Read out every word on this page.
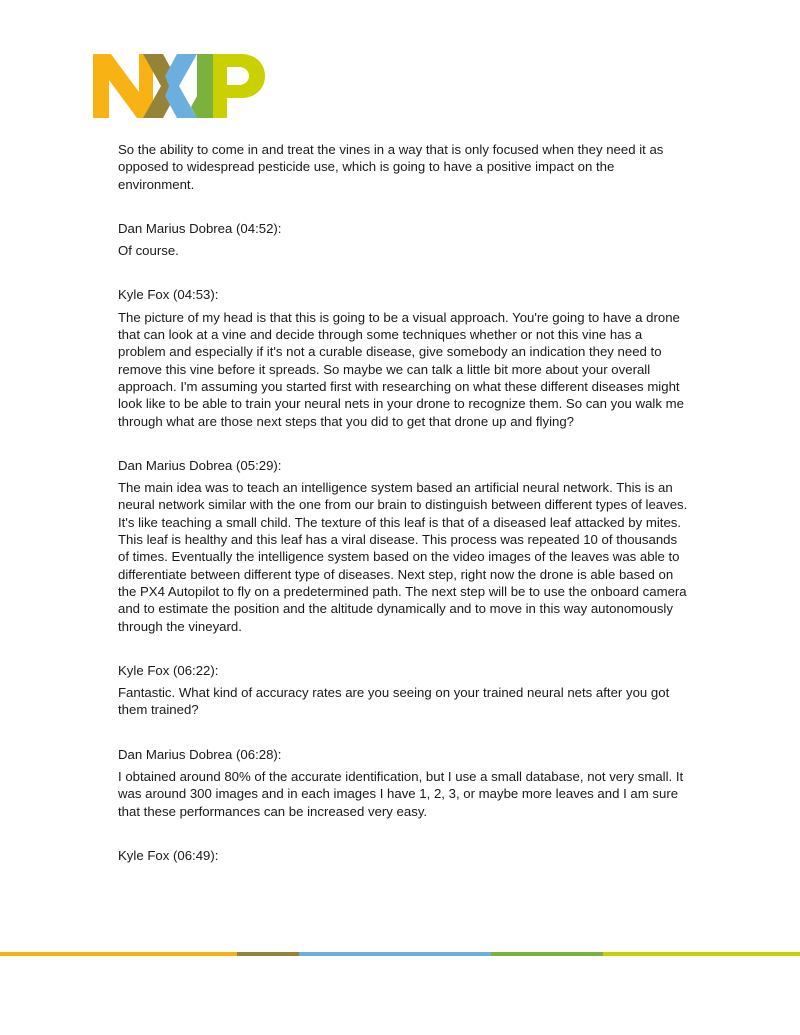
So the ability to come in and treat the vines in a way that is only focused when they need it as opposed to widespread pesticide use, which is going to have a positive impact on the environment.

Dan Marius Dobrea (04:52):

Of course.

Kyle Fox (04:53):

The picture of my head is that this is going to be a visual approach. You're going to have a drone that can look at a vine and decide through some techniques whether or not this vine has a problem and especially if it's not a curable disease, give somebody an indication they need to remove this vine before it spreads. So maybe we can talk a little bit more about your overall approach. I'm assuming you started first with researching on what these different diseases might look like to be able to train your neural nets in your drone to recognize them. So can you walk me through what are those next steps that you did to get that drone up and flying?

Dan Marius Dobrea (05:29):

The main idea was to teach an intelligence system based an artificial neural network. This is an neural network similar with the one from our brain to distinguish between different types of leaves. It's like teaching a small child. The texture of this leaf is that of a diseased leaf attacked by mites. This leaf is healthy and this leaf has a viral disease. This process was repeated 10 of thousands of times. Eventually the intelligence system based on the video images of the leaves was able to differentiate between different type of diseases. Next step, right now the drone is able based on the PX4 Autopilot to fly on a predetermined path. The next step will be to use the onboard camera and to estimate the position and the altitude dynamically and to move in this way autonomously through the vineyard.

Kyle Fox (06:22):

Fantastic. What kind of accuracy rates are you seeing on your trained neural nets after you got them trained?

Dan Marius Dobrea (06:28):

I obtained around 80% of the accurate identification, but I use a small database, not very small. It was around 300 images and in each images I have 1, 2, 3, or maybe more leaves and I am sure that these performances can be increased very easy.

Kyle Fox (06:49):
